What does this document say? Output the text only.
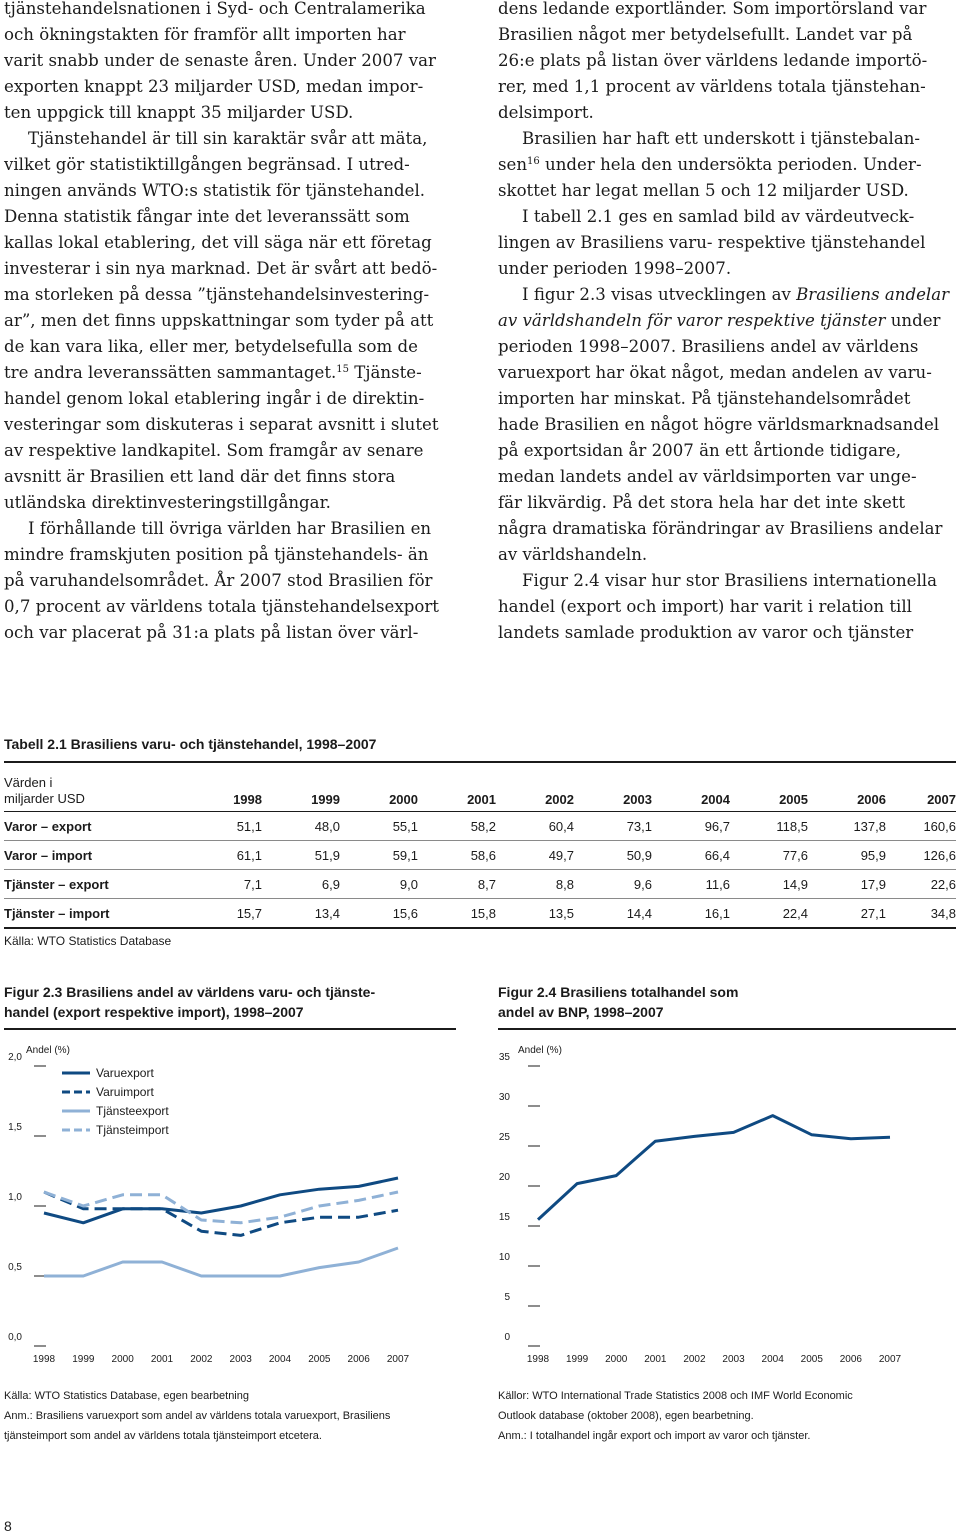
tjänstehandelsnationen i Syd- och Centralamerika
och ökningstakten för framför allt importen har
varit snabb under de senaste åren. Under 2007 var
exporten knappt 23 miljarder USD, medan impor-
ten uppgick till knappt 35 miljarder USD.

Tjänstehandel är till sin karaktär svår att mäta,
vilket gör statistiktillgången begränsad. I utred-
ningen används WTO:s statistik för tjänstehandel.
Denna statistik fångar inte det leveranssätt som
kallas lokal etablering, det vill säga när ett företag
investerar i sin nya marknad. Det är svårt att bedö-
ma storleken på dessa ”tjänstehandelsinvestering-
ar”, men det finns uppskattningar som tyder på att
de kan vara lika, eller mer, betydelsefulla som de
tre andra leveranssätten sammantaget.$^{15}$ Tjänste-
handel genom lokal etablering ingår i de direktin-
vesteringar som diskuteras i separat avsnitt i slutet
av respektive landkapitel. Som framgår av senare
avsnitt är Brasilien ett land där det finns stora
utländska direktinvesteringstillgångar.

I förhållande till övriga världen har Brasilien en
mindre framskjuten position på tjänstehandels- än
på varuhandelsområdet. År 2007 stod Brasilien för
0,7 procent av världens totala tjänstehandelsexport
och var placerat på 31:a plats på listan över värl-

dens ledande exportländer. Som importörsland var
Brasilien något mer betydelsefullt. Landet var på
26:e plats på listan över världens ledande importö-
rer, med 1,1 procent av världens totala tjänstehan-
delsimport.

Brasilien har haft ett underskott i tjänstebalan-
sen$^{16}$ under hela den undersökta perioden. Under-
skottet har legat mellan 5 och 12 miljarder USD.

I tabell 2.1 ges en samlad bild av värdeutveck-
lingen av Brasiliens varu- respektive tjänstehandel
under perioden 1998–2007.

I figur 2.3 visas utvecklingen av Brasiliens andelar
av världshandeln för varor respektive tjänster under
perioden 1998–2007. Brasiliens andel av världens
varuexport har ökat något, medan andelen av varu-
importen har minskat. På tjänstehandelsområdet
hade Brasilien en något högre världsmarknadsandel
på exportsidan år 2007 än ett årtionde tidigare,
medan landets andel av världsimporten var unge-
fär likvärdig. På det stora hela har det inte skett
några dramatiska förändringar av Brasiliens andelar
av världshandeln.

Figur 2.4 visar hur stor Brasiliens internationella
handel (export och import) har varit i relation till
landets samlade produktion av varor och tjänster

Tabell 2.1 Brasiliens varu- och tjänstehandel, 1998–2007
Värden i
miljarder USD	1998	1999	2000	2001	2002	2003	2004	2005	2006	2007
Varor – export	51,1	48,0	55,1	58,2	60,4	73,1	96,7	118,5	137,8	160,6
Varor – import	61,1	51,9	59,1	58,6	49,7	50,9	66,4	77,6	95,9	126,6
Tjänster – export	7,1	6,9	9,0	8,7	8,8	9,6	11,6	14,9	17,9	22,6
Tjänster – import	15,7	13,4	15,6	15,8	13,5	14,4	16,1	22,4	27,1	34,8
Källa: WTO Statistics Database
Figur 2.3 Brasiliens andel av världens varu- och tjänste-
handel (export respektive import), 1998–2007
Andel (%)
0,0
0,5
1,0
1,5
2,0
1998 1999 2000 2001 2002 2003 2004 2005 2006 2007
Varuexport
Varuimport
Tjänsteexport
Tjänsteimport
Källa: WTO Statistics Database, egen bearbetning
Anm.: Brasiliens varuexport som andel av världens totala varuexport, Brasiliens
tjänsteimport som andel av världens totala tjänsteimport etcetera.
Figur 2.4 Brasiliens totalhandel som
andel av BNP, 1998–2007
Andel (%)
0
5
10
15
20
25
30
35
1998 1999 2000 2001 2002 2003 2004 2005 2006 2007
Källor: WTO International Trade Statistics 2008 och IMF World Economic
Outlook database (oktober 2008), egen bearbetning.
Anm.: I totalhandel ingår export och import av varor och tjänster.
8
